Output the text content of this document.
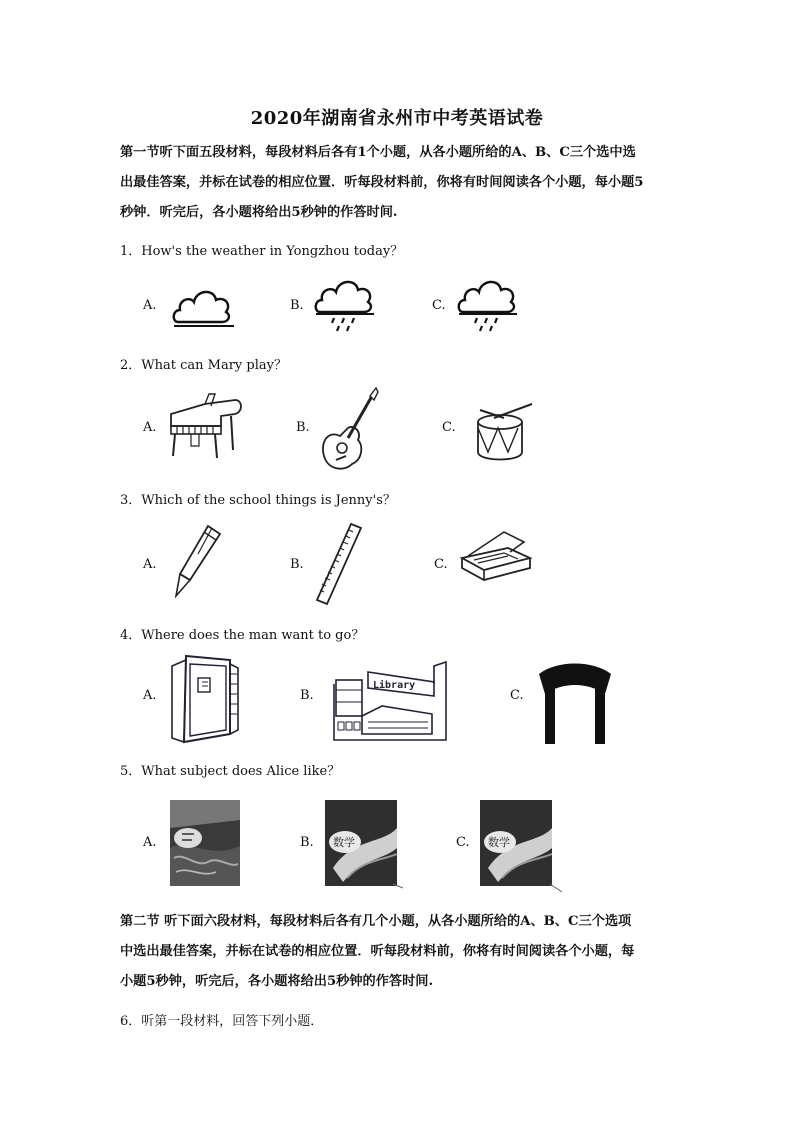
2020年湖南省永州市中考英语试卷
第一节听下面五段材料，每段材料后各有1个小题，从各小题所给的A、B、C三个选中选
出最佳答案，并标在试卷的相应位置．听每段材料前，你将有时间阅读各个小题，每小题5
秒钟．听完后，各小题将给出5秒钟的作答时间.
1．How's the weather in Yongzhou today？
A.	B.	C.
2．What can Mary play？
A.	B.	C.
3．Which of the school things is Jenny's？
A.	B.	C.
4．Where does the man want to go？
A.	B.
Library
C.
5．What subject does Alice like？
A.	B. 数学	C. 数学
第二节 听下面六段材料，每段材料后各有几个小题，从各小题所给的A、B、C三个选项
中选出最佳答案，并标在试卷的相应位置．听每段材料前，你将有时间阅读各个小题，每
小题5秒钟，听完后，各小题将给出5秒钟的作答时间.
6．听第一段材料，回答下列小题．
